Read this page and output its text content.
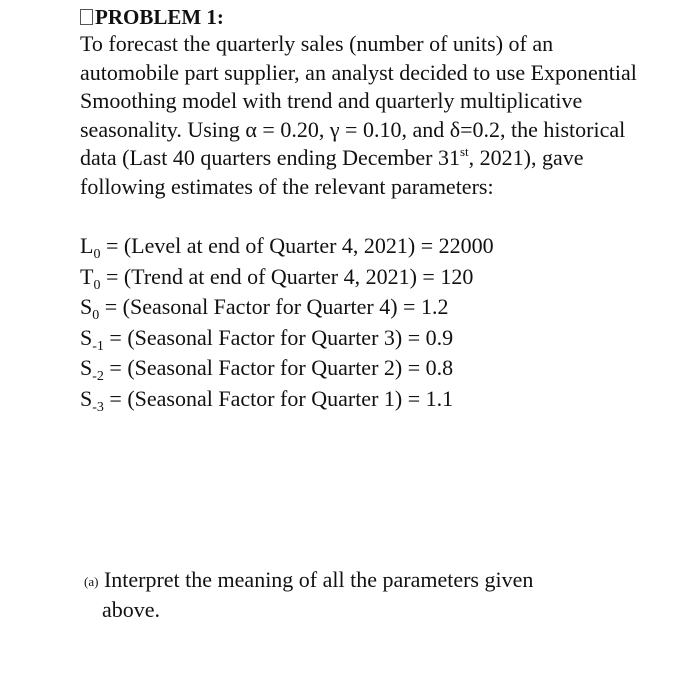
PROBLEM 1:

To forecast the quarterly sales (number of units) of an automobile part supplier, an analyst decided to use Exponential Smoothing model with trend and quarterly multiplicative seasonality. Using α = 0.20, γ = 0.10, and δ=0.2, the historical data (Last 40 quarters ending December 31st, 2021), gave following estimates of the relevant parameters:

$L_0$ = (Level at end of Quarter 4, 2021) = 22000
$T_0$ = (Trend at end of Quarter 4, 2021) = 120
$S_0$ = (Seasonal Factor for Quarter 4) = 1.2
$S_{-1}$ = (Seasonal Factor for Quarter 3) = 0.9
$S_{-2}$ = (Seasonal Factor for Quarter 2) = 0.8
$S_{-3}$ = (Seasonal Factor for Quarter 1) = 1.1
(a) Interpret the meaning of all the parameters given
above.
